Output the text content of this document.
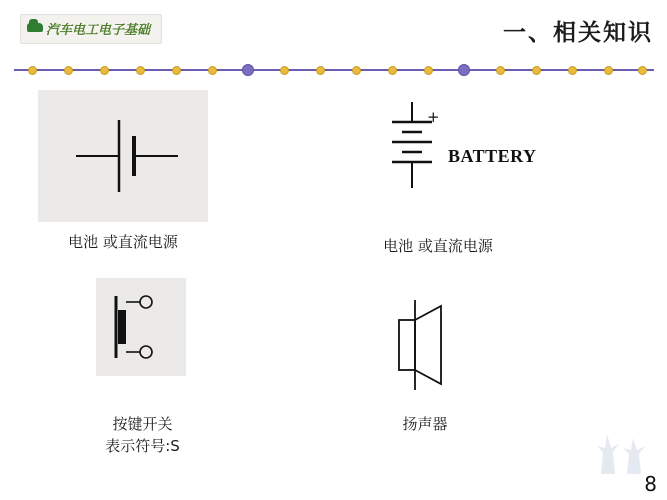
汽车电工电子基础	一、相关知识
电池 或直流电源
+
BATTERY
电池 或直流电源
按键开关
表示符号:S
扬声器
8
